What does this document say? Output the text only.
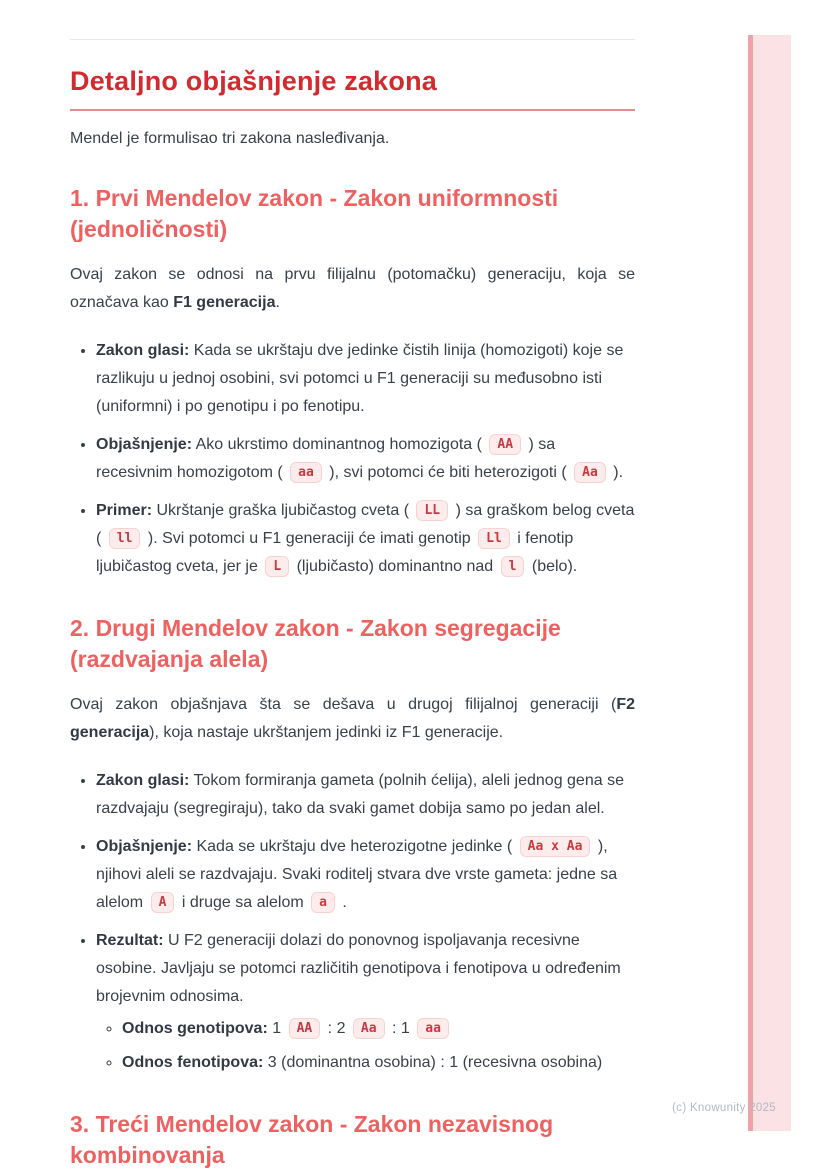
Detaljno objašnjenje zakona
Mendel je formulisao tri zakona nasleđivanja.
1. Prvi Mendelov zakon - Zakon uniformnosti (jednoličnosti)

Ovaj zakon se odnosi na prvu filijalnu (potomačku) generaciju, koja se označava kao F1 generacija.

• Zakon glasi: Kada se ukrštaju dve jedinke čistih linija (homozigoti) koje se razlikuju u jednoj osobini, svi potomci u F1 generaciji su međusobno isti (uniformni) i po genotipu i po fenotipu.
• Objašnjenje: Ako ukrstimo dominantnog homozigota ( AA ) sa recesivnim homozigotom ( aa ), svi potomci će biti heterozigoti ( Aa ).
• Primer: Ukrštanje graška ljubičastog cveta ( LL ) sa graškom belog cveta ( ll ). Svi potomci u F1 generaciji će imati genotip Ll i fenotip ljubičastog cveta, jer je L (ljubičasto) dominantno nad l (belo).
2. Drugi Mendelov zakon - Zakon segregacije (razdvajanja alela)

Ovaj zakon objašnjava šta se dešava u drugoj filijalnoj generaciji (F2 generacija), koja nastaje ukrštanjem jedinki iz F1 generacije.

• Zakon glasi: Tokom formiranja gameta (polnih ćelija), aleli jednog gena se razdvajaju (segregiraju), tako da svaki gamet dobija samo po jedan alel.
• Objašnjenje: Kada se ukrštaju dve heterozigotne jedinke ( Aa x Aa ), njihovi aleli se razdvajaju. Svaki roditelj stvara dve vrste gameta: jedne sa alelom A i druge sa alelom a .
• Rezultat: U F2 generaciji dolazi do ponovnog ispoljavanja recesivne osobine. Javljaju se potomci različitih genotipova i fenotipova u određenim brojevnim odnosima.
◦ Odnos genotipova: 1 AA : 2 Aa : 1 aa
◦ Odnos fenotipova: 3 (dominantna osobina) : 1 (recesivna osobina)
3. Treći Mendelov zakon - Zakon nezavisnog kombinovanja
(c) Knowunity 2025
